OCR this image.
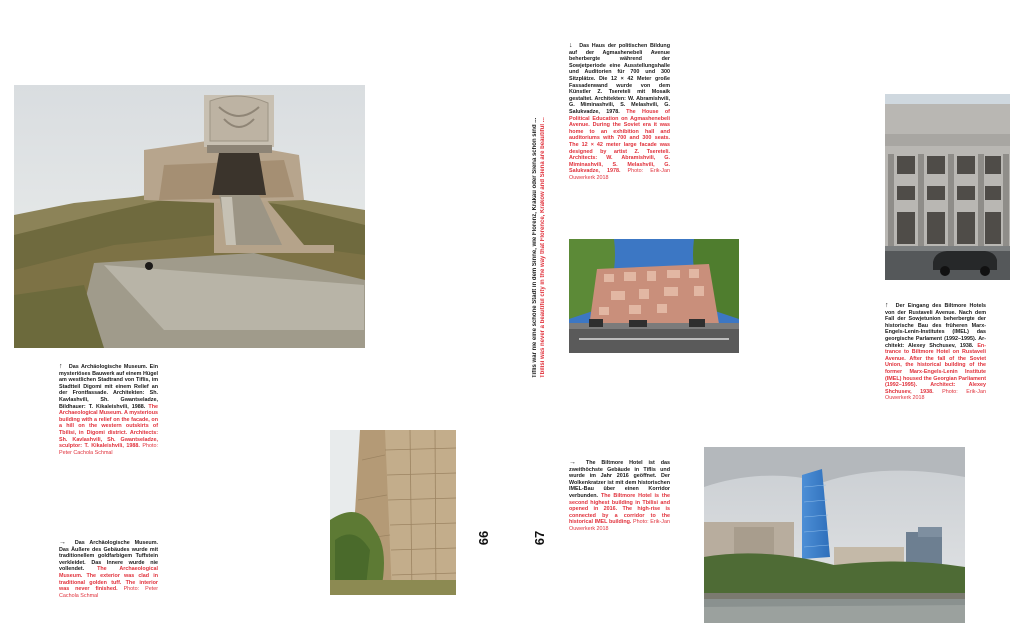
↑ Das Archäologische Museum. Ein mysteriöses Bauwerk auf einem Hügel am westlichen Stadtrand von Tiflis, im Stadtteil Digomi mit einem Relief an der Frontfassade. Architekten: Sh. Kavlashvili, Sh. Gwantseladze, Bildhauer: T. Kikaleishvili, 1988. The Archaeological Museum. A mysterious building with a relief on the facade, on a hill on the western outskirts of Tbilisi, in Digomi district. Architects: Sh. Kavlashvili, Sh. Gwantseladze, sculptor: T. Kikaleishvili, 1988. Photo: Peter Cachola Schmal
→ Das Archäologische Museum. Das Äußere des Gebäudes wurde mit traditionellem goldfarbigem Tuffstein verkleidet. Das Innere wurde nie vollendet. The Archaeological Museum. The exterior was clad in traditional golden tuff. The interior was never finished. Photo: Peter Cachola Schmal
66	67
Tiflis war nie eine schöne Stadt in dem Sinne, wie Florenz, Krakau oder Siena schön sind ... Tbilisi was never a beautiful city in the way that Florence, Krakow and Siena are beautiful ...
↓ Das Haus der politischen Bildung auf der Agmashenebeli Avenue beherbergte während der Sowjetperiode eine Ausstellungshalle und Auditorien für 700 und 300 Sitzplätze. Die 12 × 42 Meter große Fassadenwand wurde von dem Künstler Z. Tsereteli mit Mosaik gestaltet. Architekten: W. Abramishvili, G. Miminashvili, S. Melashvili, G. Salukvadze, 1978. The House of Political Education on Agmashenebeli Avenue. During the Soviet era it was home to an exhibition hall and auditoriums with 700 and 300 seats. The 12 × 42 meter large facade was designed by artist Z. Tsereteli. Architects: W. Abramishvili, G. Miminashvili, S. Melashvili, G. Salukvadze, 1978. Photo: Erik-Jan Ouwerkerk 2018
→ The Biltmore Hotel ist das zweithöchste Gebäude in Tiflis und wurde im Jahr 2016 geöffnet. Der Wolkenkratzer ist mit dem historischen IMEL-Bau über einen Korridor verbunden. The Biltmore Hotel is the second highest building in Tbilisi and opened in 2016. The high-rise is connected by a corridor to the historical IMEL building. Photo: Erik-Jan Ouwerkerk 2018
↑ Der Eingang des Biltmore Hotels von der Rustaveli Avenue. Nach dem Fall der Sowjetunion beherbergte der historische Bau des früheren Marx-Engels-Lenin-Institutes (IMEL) das georgische Parlament (1992–1995). Architekt: Alexey Shchusev, 1938. Entrance to Biltmore Hotel on Rustaveli Avenue. After the fall of the Soviet Union, the historical building of the former Marx-Engels-Lenin Institute (IMEL) housed the Georgian Parliament (1992–1995). Architect: Alexey Shchusev, 1938. Photo: Erik-Jan Ouwerkerk 2018
